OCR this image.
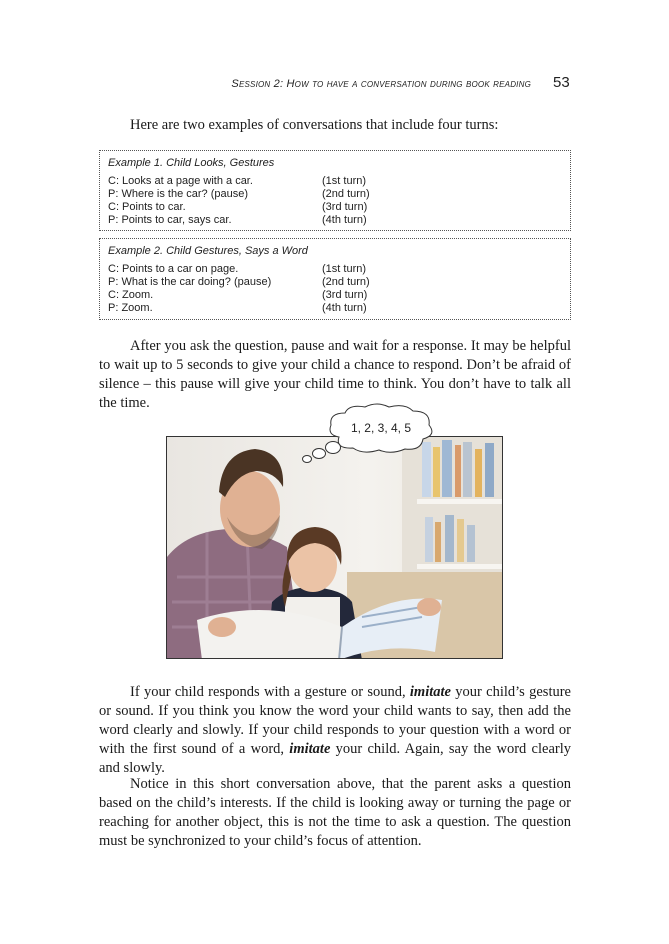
Session 2: How to have a conversation during book reading 53
Here are two examples of conversations that include four turns:
Example 1. Child Looks, Gestures
C: Looks at a page with a car.	(1st turn)
P: Where is the car? (pause)	(2nd turn)
C: Points to car.	(3rd turn)
P: Points to car, says car.	(4th turn)
Example 2. Child Gestures, Says a Word
C: Points to a car on page.	(1st turn)
P: What is the car doing? (pause)	(2nd turn)
C: Zoom.	(3rd turn)
P: Zoom.	(4th turn)

After you ask the question, pause and wait for a response. It may be helpful to wait up to 5 seconds to give your child a chance to respond. Don’t be afraid of silence – this pause will give your child time to think. You don’t have to talk all the time.

1, 2, 3, 4, 5

If your child responds with a gesture or sound, imitate your child’s gesture or sound. If you think you know the word your child wants to say, then add the word clearly and slowly. If your child responds to your question with a word or with the first sound of a word, imitate your child. Again, say the word clearly and slowly.

Notice in this short conversation above, that the parent asks a question based on the child’s interests. If the child is looking away or turning the page or reaching for another object, this is not the time to ask a question. The question must be synchronized to your child’s focus of attention.
